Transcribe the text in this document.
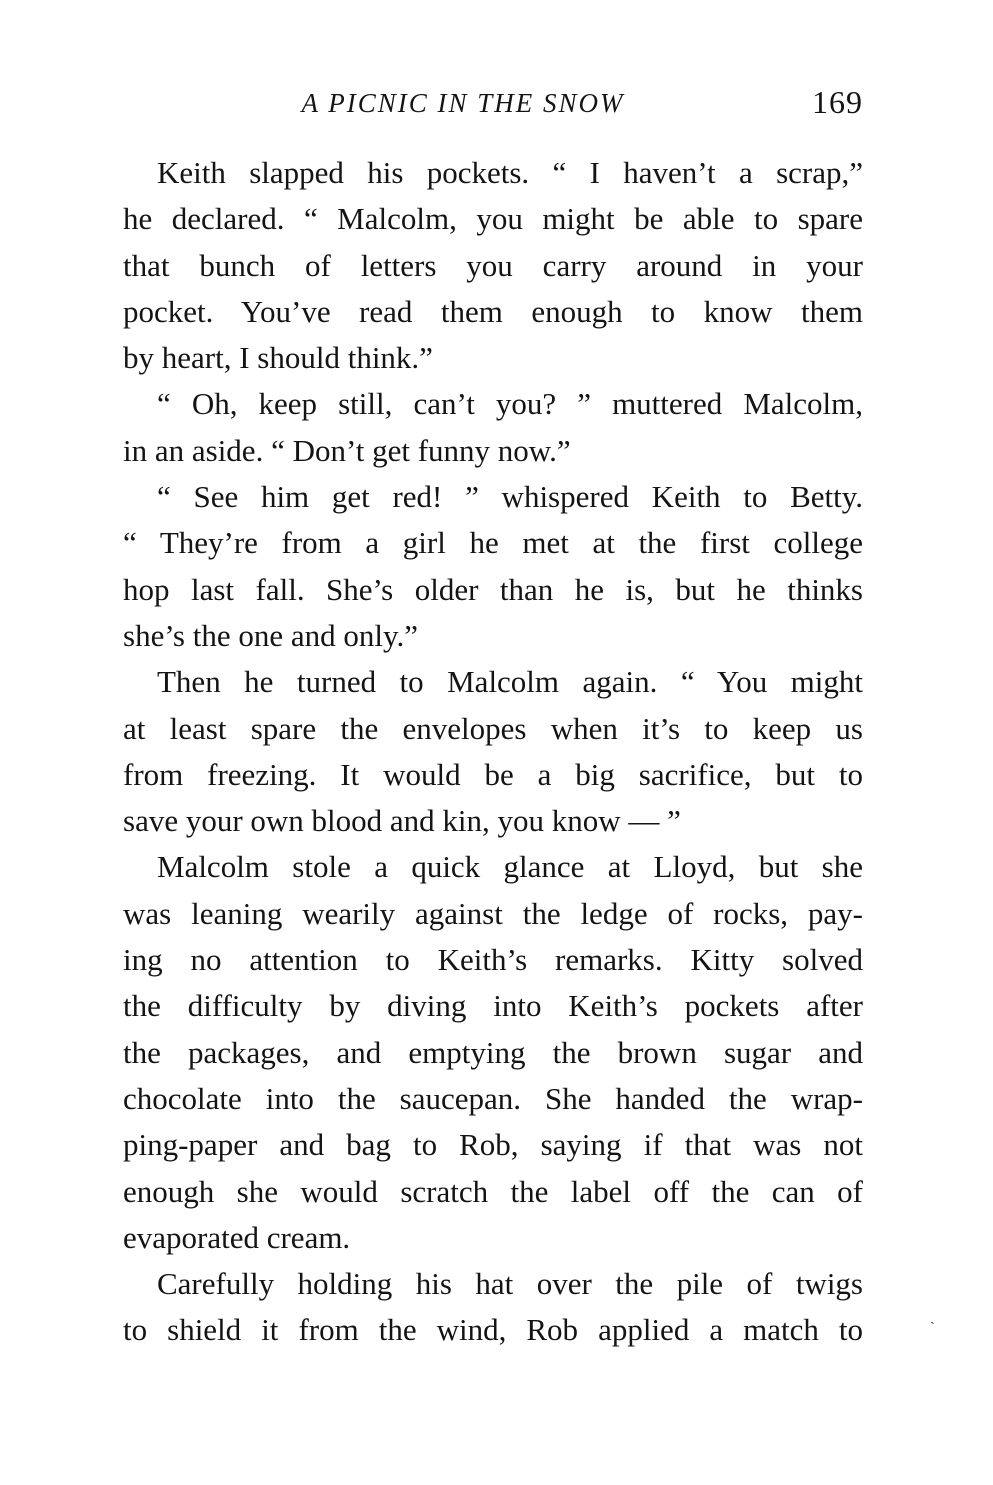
A PICNIC IN THE SNOW	169
Keith slapped his pockets. “ I haven’t a scrap,”
he declared. “ Malcolm, you might be able to spare
that bunch of letters you carry around in your
pocket. You’ve read them enough to know them
by heart, I should think.”
“ Oh, keep still, can’t you? ” muttered Malcolm,
in an aside. “ Don’t get funny now.”
“ See him get red! ” whispered Keith to Betty.
“ They’re from a girl he met at the first college
hop last fall. She’s older than he is, but he thinks
she’s the one and only.”
Then he turned to Malcolm again. “ You might
at least spare the envelopes when it’s to keep us
from freezing. It would be a big sacrifice, but to
save your own blood and kin, you know — ”
Malcolm stole a quick glance at Lloyd, but she
was leaning wearily against the ledge of rocks, pay-
ing no attention to Keith’s remarks. Kitty solved
the difficulty by diving into Keith’s pockets after
the packages, and emptying the brown sugar and
chocolate into the saucepan. She handed the wrap-
ping-paper and bag to Rob, saying if that was not
enough she would scratch the label off the can of
evaporated cream.
Carefully holding his hat over the pile of twigs
to shield it from the wind, Rob applied a match to	ˏ
